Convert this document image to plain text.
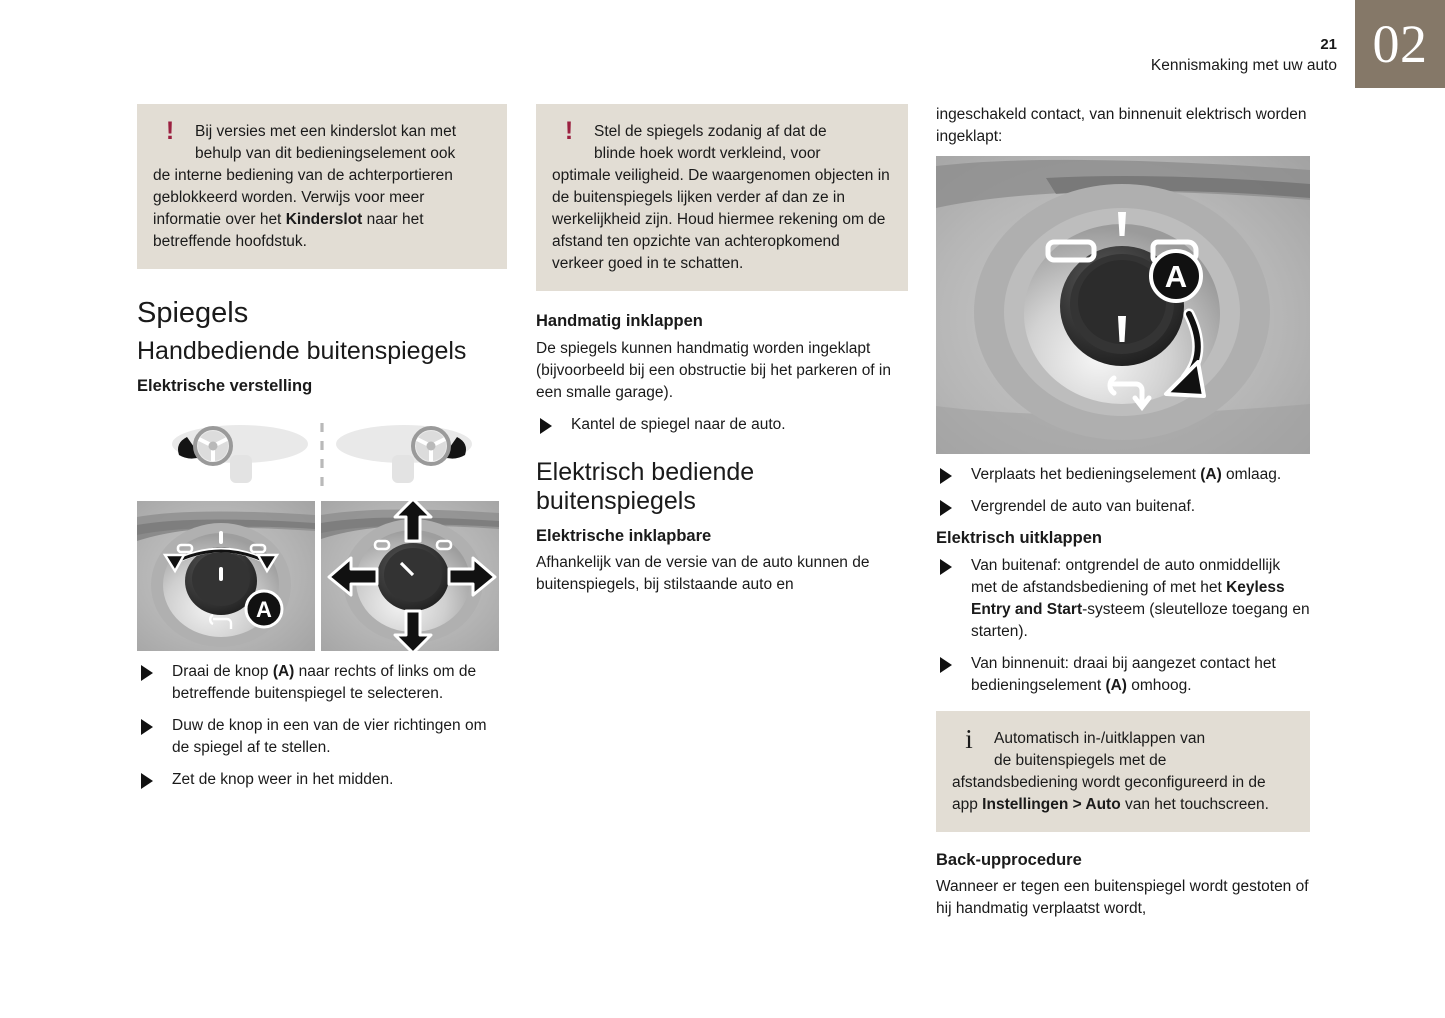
21
Kennismaking met uw auto 02
!	Bij versies met een kinderslot kan met

behulp van dit bedieningselement ook

de interne bediening van de achterportieren geblokkeerd worden. Verwijs voor meer informatie over het Kinderslot naar het betreffende hoofdstuk.

Spiegels
Handbediende buitenspiegels
Elektrische verstelling
A
Draai de knop (A) naar rechts of links om de betreffende buitenspiegel te selecteren.
Duw de knop in een van de vier richtingen om de spiegel af te stellen.
Zet de knop weer in het midden.
!	Stel de spiegels zodanig af dat de

blinde hoek wordt verkleind, voor

optimale veiligheid. De waargenomen objecten in de buitenspiegels lijken verder af dan ze in werkelijkheid zijn. Houd hiermee rekening om de afstand ten opzichte van achteropkomend verkeer goed in te schatten.

Handmatig inklappen

De spiegels kunnen handmatig worden ingeklapt (bijvoorbeeld bij een obstructie bij het parkeren of in een smalle garage).

Kantel de spiegel naar de auto.
Elektrisch bediende buitenspiegels
Elektrische inklapbare

Afhankelijk van de versie van de auto kunnen de buitenspiegels, bij stilstaande auto en

ingeschakeld contact, van binnenuit elektrisch worden ingeklapt:

A
Verplaats het bedieningselement (A) omlaag.
Vergrendel de auto van buitenaf.
Elektrisch uitklappen
Van buitenaf: ontgrendel de auto onmiddellijk met de afstandsbediening of met het Keyless Entry and Start-systeem (sleutelloze toegang en starten).
Van binnenuit: draai bij aangezet contact het bedieningselement (A) omhoog.
i	Automatisch in-/uitklappen van

de buitenspiegels met de

afstandsbediening wordt geconfigureerd in de app Instellingen > Auto van het touchscreen.

Back-upprocedure

Wanneer er tegen een buitenspiegel wordt gestoten of hij handmatig verplaatst wordt,
